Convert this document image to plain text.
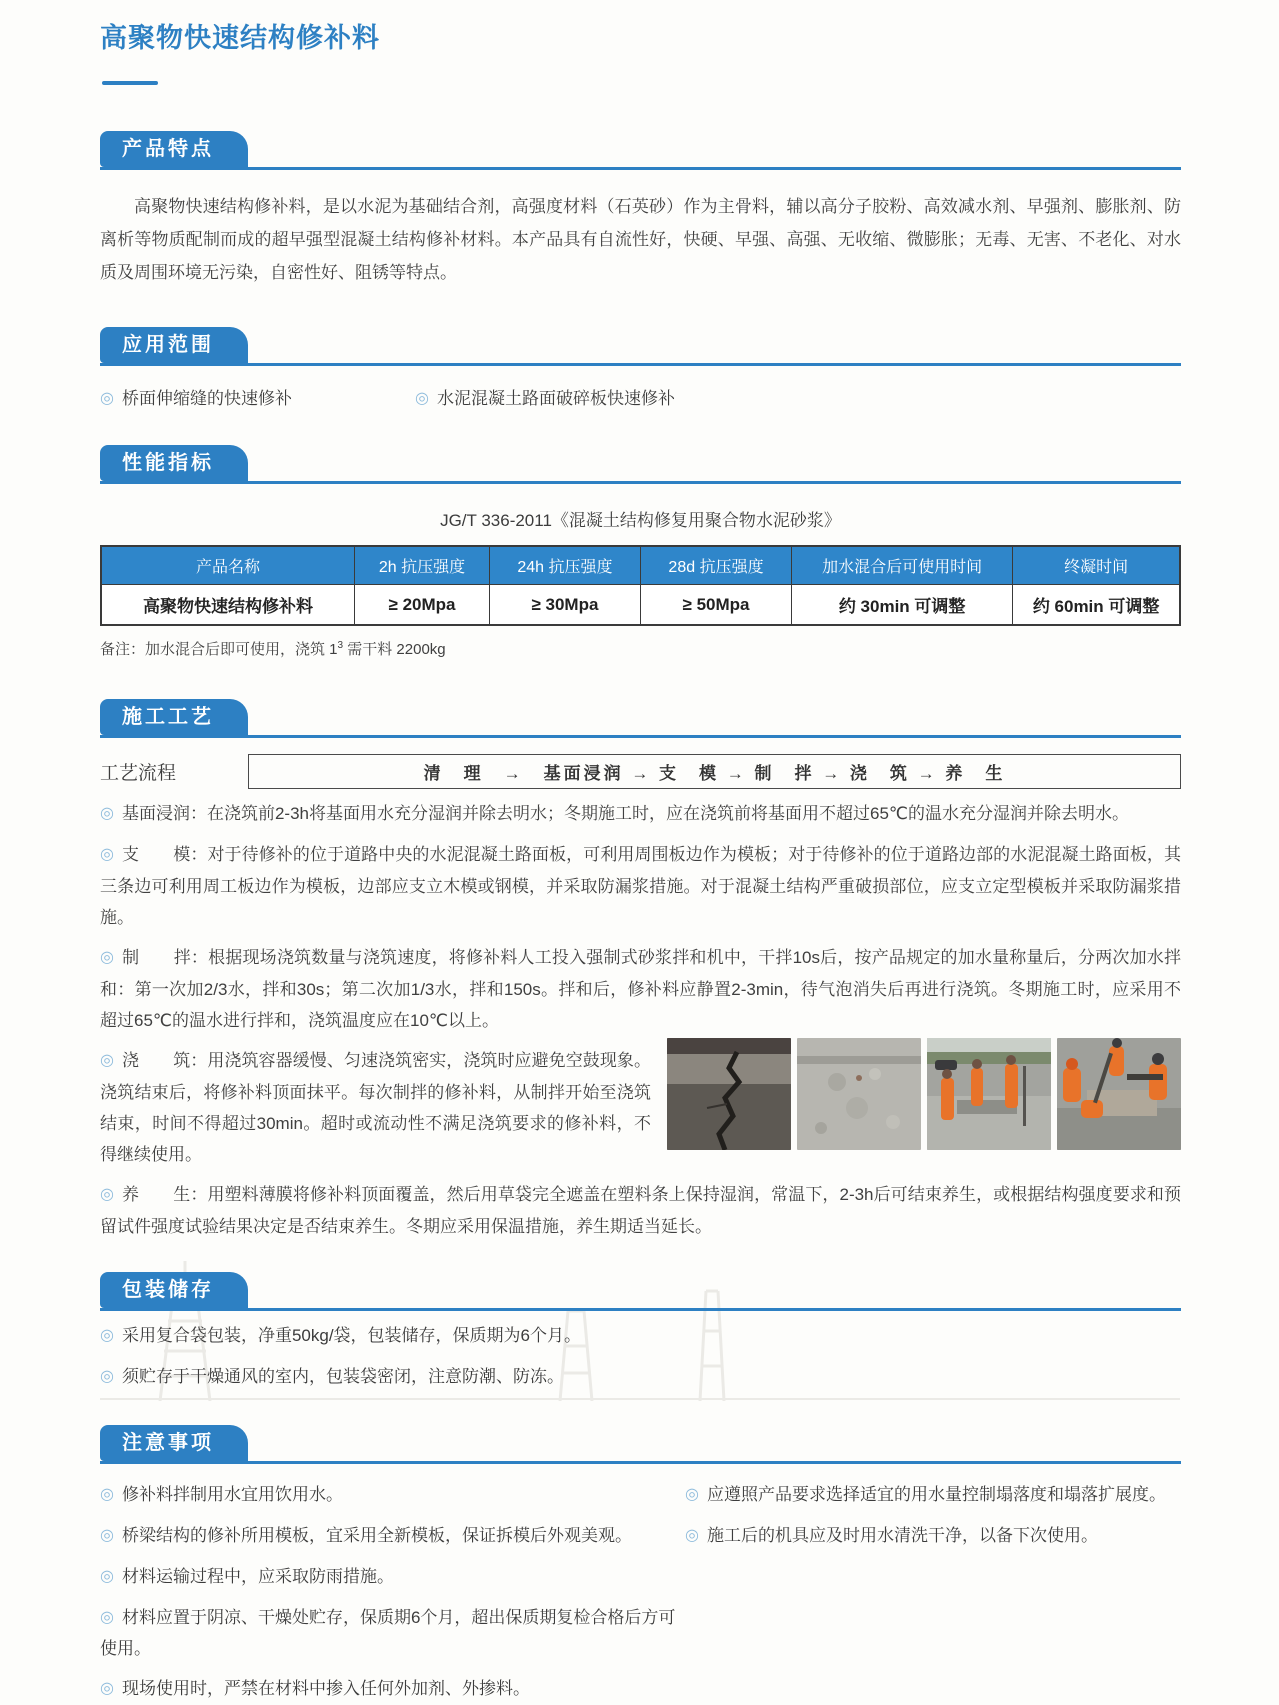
高聚物快速结构修补料
产品特点

高聚物快速结构修补料，是以水泥为基础结合剂，高强度材料（石英砂）作为主骨料，辅以高分子胶粉、高效减水剂、早强剂、膨胀剂、防离析等物质配制而成的超早强型混凝土结构修补材料。本产品具有自流性好，快硬、早强、高强、无收缩、微膨胀；无毒、无害、不老化、对水质及周围环境无污染，自密性好、阻锈等特点。

应用范围
◎ 桥面伸缩缝的快速修补	◎ 水泥混凝土路面破碎板快速修补
性能指标

JG/T 336-2011《混凝土结构修复用聚合物水泥砂浆》

产品名称	2h 抗压强度	24h 抗压强度	28d 抗压强度	加水混合后可使用时间	终凝时间
高聚物快速结构修补料	≥ 20Mpa	≥ 30Mpa	≥ 50Mpa	约 30min 可调整	约 60min 可调整

备注：加水混合后即可使用，浇筑 $1^3$ 需干料 2200kg

施工工艺
工艺流程	清　理　→　基面浸润 → 支　模 → 制　拌 → 浇　筑 → 养　生

◎ 基面浸润：在浇筑前2-3h将基面用水充分湿润并除去明水；冬期施工时，应在浇筑前将基面用不超过65℃的温水充分湿润并除去明水。

◎ 支　　模：对于待修补的位于道路中央的水泥混凝土路面板，可利用周围板边作为模板；对于待修补的位于道路边部的水泥混凝土路面板，其三条边可利用周工板边作为模板，边部应支立木模或钢模，并采取防漏浆措施。对于混凝土结构严重破损部位，应支立定型模板并采取防漏浆措施。

◎ 制　　拌：根据现场浇筑数量与浇筑速度，将修补料人工投入强制式砂浆拌和机中，干拌10s后，按产品规定的加水量称量后，分两次加水拌和：第一次加2/3水，拌和30s；第二次加1/3水，拌和150s。拌和后，修补料应静置2-3min，待气泡消失后再进行浇筑。冬期施工时，应采用不超过65℃的温水进行拌和，浇筑温度应在10℃以上。

◎ 浇　　筑：用浇筑容器缓慢、匀速浇筑密实，浇筑时应避免空鼓现象。浇筑结束后，将修补料顶面抹平。每次制拌的修补料，从制拌开始至浇筑结束，时间不得超过30min。超时或流动性不满足浇筑要求的修补料，不得继续使用。

◎ 养　　生：用塑料薄膜将修补料顶面覆盖，然后用草袋完全遮盖在塑料条上保持湿润，常温下，2-3h后可结束养生，或根据结构强度要求和预留试件强度试验结果决定是否结束养生。冬期应采用保温措施，养生期适当延长。

包装储存

◎ 采用复合袋包装，净重50kg/袋，包装储存，保质期为6个月。

◎ 须贮存于干燥通风的室内，包装袋密闭，注意防潮、防冻。

注意事项

◎ 修补料拌制用水宜用饮用水。

◎ 桥梁结构的修补所用模板，宜采用全新模板，保证拆模后外观美观。

◎ 材料运输过程中，应采取防雨措施。

◎ 材料应置于阴凉、干燥处贮存，保质期6个月，超出保质期复检合格后方可使用。

◎ 现场使用时，严禁在材料中掺入任何外加剂、外掺料。

◎ 应遵照产品要求选择适宜的用水量控制塌落度和塌落扩展度。

◎ 施工后的机具应及时用水清洗干净，以备下次使用。
